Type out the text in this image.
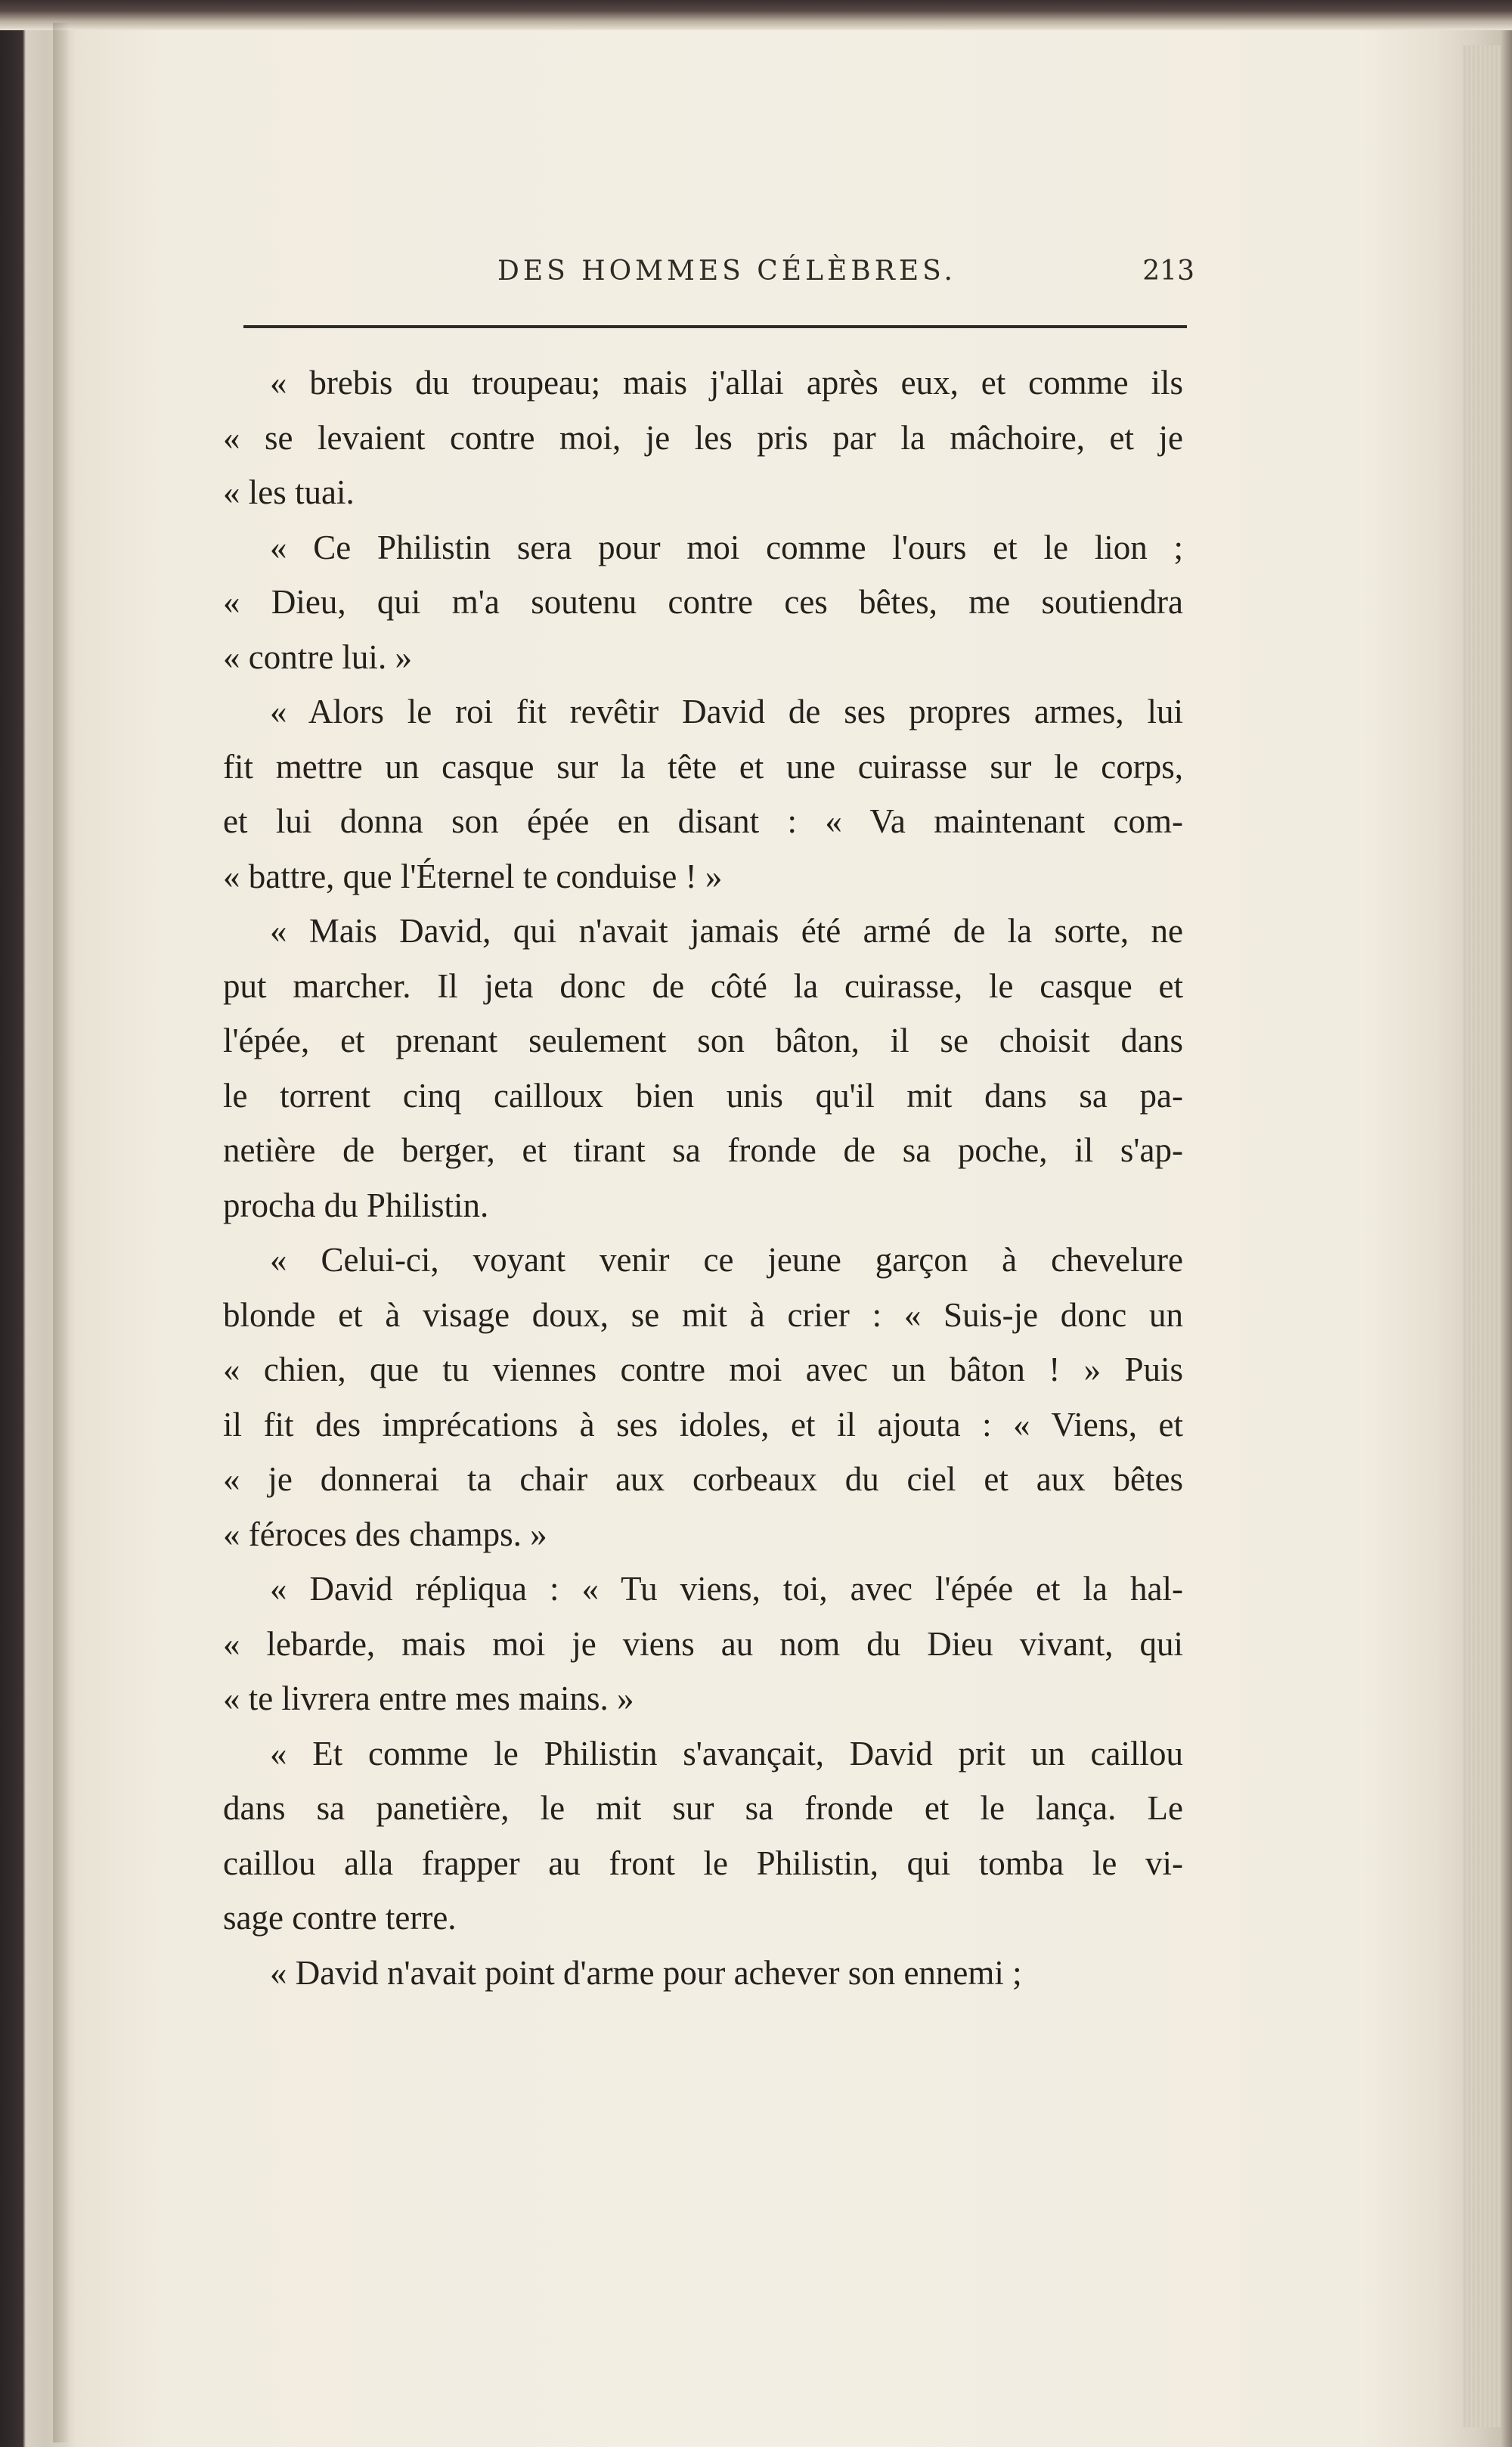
DES HOMMES CÉLÈBRES.	213
« brebis du troupeau; mais j'allai après eux, et comme ils
« se levaient contre moi, je les pris par la mâchoire, et je
« les tuai.
« Ce Philistin sera pour moi comme l'ours et le lion ;
« Dieu, qui m'a soutenu contre ces bêtes, me soutiendra
« contre lui. »
« Alors le roi fit revêtir David de ses propres armes, lui
fit mettre un casque sur la tête et une cuirasse sur le corps,
et lui donna son épée en disant : « Va maintenant com-
« battre, que l'Éternel te conduise ! »
« Mais David, qui n'avait jamais été armé de la sorte, ne
put marcher. Il jeta donc de côté la cuirasse, le casque et
l'épée, et prenant seulement son bâton, il se choisit dans
le torrent cinq cailloux bien unis qu'il mit dans sa pa-
netière de berger, et tirant sa fronde de sa poche, il s'ap-
procha du Philistin.
« Celui-ci, voyant venir ce jeune garçon à chevelure
blonde et à visage doux, se mit à crier : « Suis-je donc un
« chien, que tu viennes contre moi avec un bâton ! » Puis
il fit des imprécations à ses idoles, et il ajouta : « Viens, et
« je donnerai ta chair aux corbeaux du ciel et aux bêtes
« féroces des champs. »
« David répliqua : « Tu viens, toi, avec l'épée et la hal-
« lebarde, mais moi je viens au nom du Dieu vivant, qui
« te livrera entre mes mains. »
« Et comme le Philistin s'avançait, David prit un caillou
dans sa panetière, le mit sur sa fronde et le lança. Le
caillou alla frapper au front le Philistin, qui tomba le vi-
sage contre terre.
« David n'avait point d'arme pour achever son ennemi ;
